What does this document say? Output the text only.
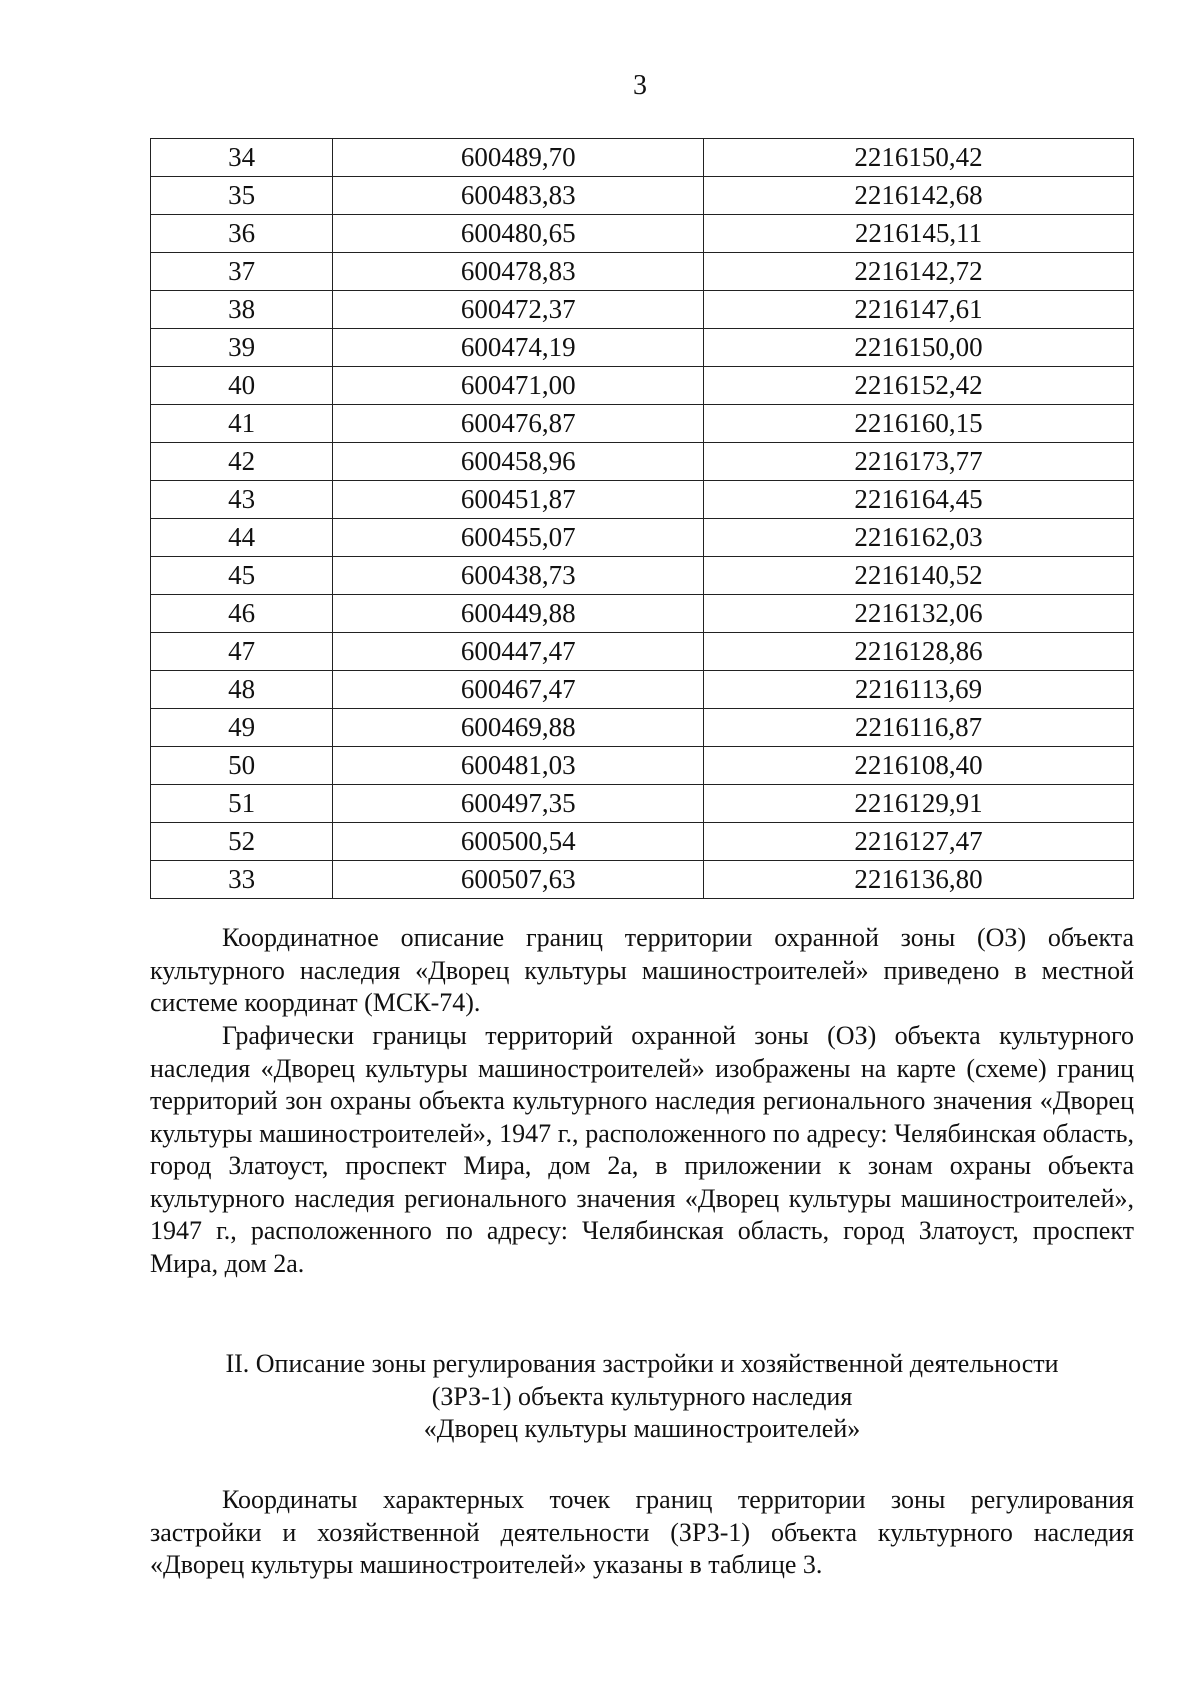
3
34	600489,70	2216150,42
35	600483,83	2216142,68
36	600480,65	2216145,11
37	600478,83	2216142,72
38	600472,37	2216147,61
39	600474,19	2216150,00
40	600471,00	2216152,42
41	600476,87	2216160,15
42	600458,96	2216173,77
43	600451,87	2216164,45
44	600455,07	2216162,03
45	600438,73	2216140,52
46	600449,88	2216132,06
47	600447,47	2216128,86
48	600467,47	2216113,69
49	600469,88	2216116,87
50	600481,03	2216108,40
51	600497,35	2216129,91
52	600500,54	2216127,47
33	600507,63	2216136,80

Координатное описание границ территории охранной зоны (ОЗ) объекта культурного наследия «Дворец культуры машиностроителей» приведено в местной системе координат (МСК-74).

Графически границы территорий охранной зоны (ОЗ) объекта культурного наследия «Дворец культуры машиностроителей» изображены на карте (схеме) границ территорий зон охраны объекта культурного наследия регионального значения «Дворец культуры машиностроителей», 1947 г., расположенного по адресу: Челябинская область, город Златоуст, проспект Мира, дом 2а, в приложении к зонам охраны объекта культурного наследия регионального значения «Дворец культуры машиностроителей», 1947 г., расположенного по адресу: Челябинская область, город Златоуст, проспект Мира, дом 2а.

II. Описание зоны регулирования застройки и хозяйственной деятельности
(ЗРЗ-1) объекта культурного наследия
«Дворец культуры машиностроителей»

Координаты характерных точек границ территории зоны регулирования застройки и хозяйственной деятельности (ЗРЗ-1) объекта культурного наследия «Дворец культуры машиностроителей» указаны в таблице 3.
